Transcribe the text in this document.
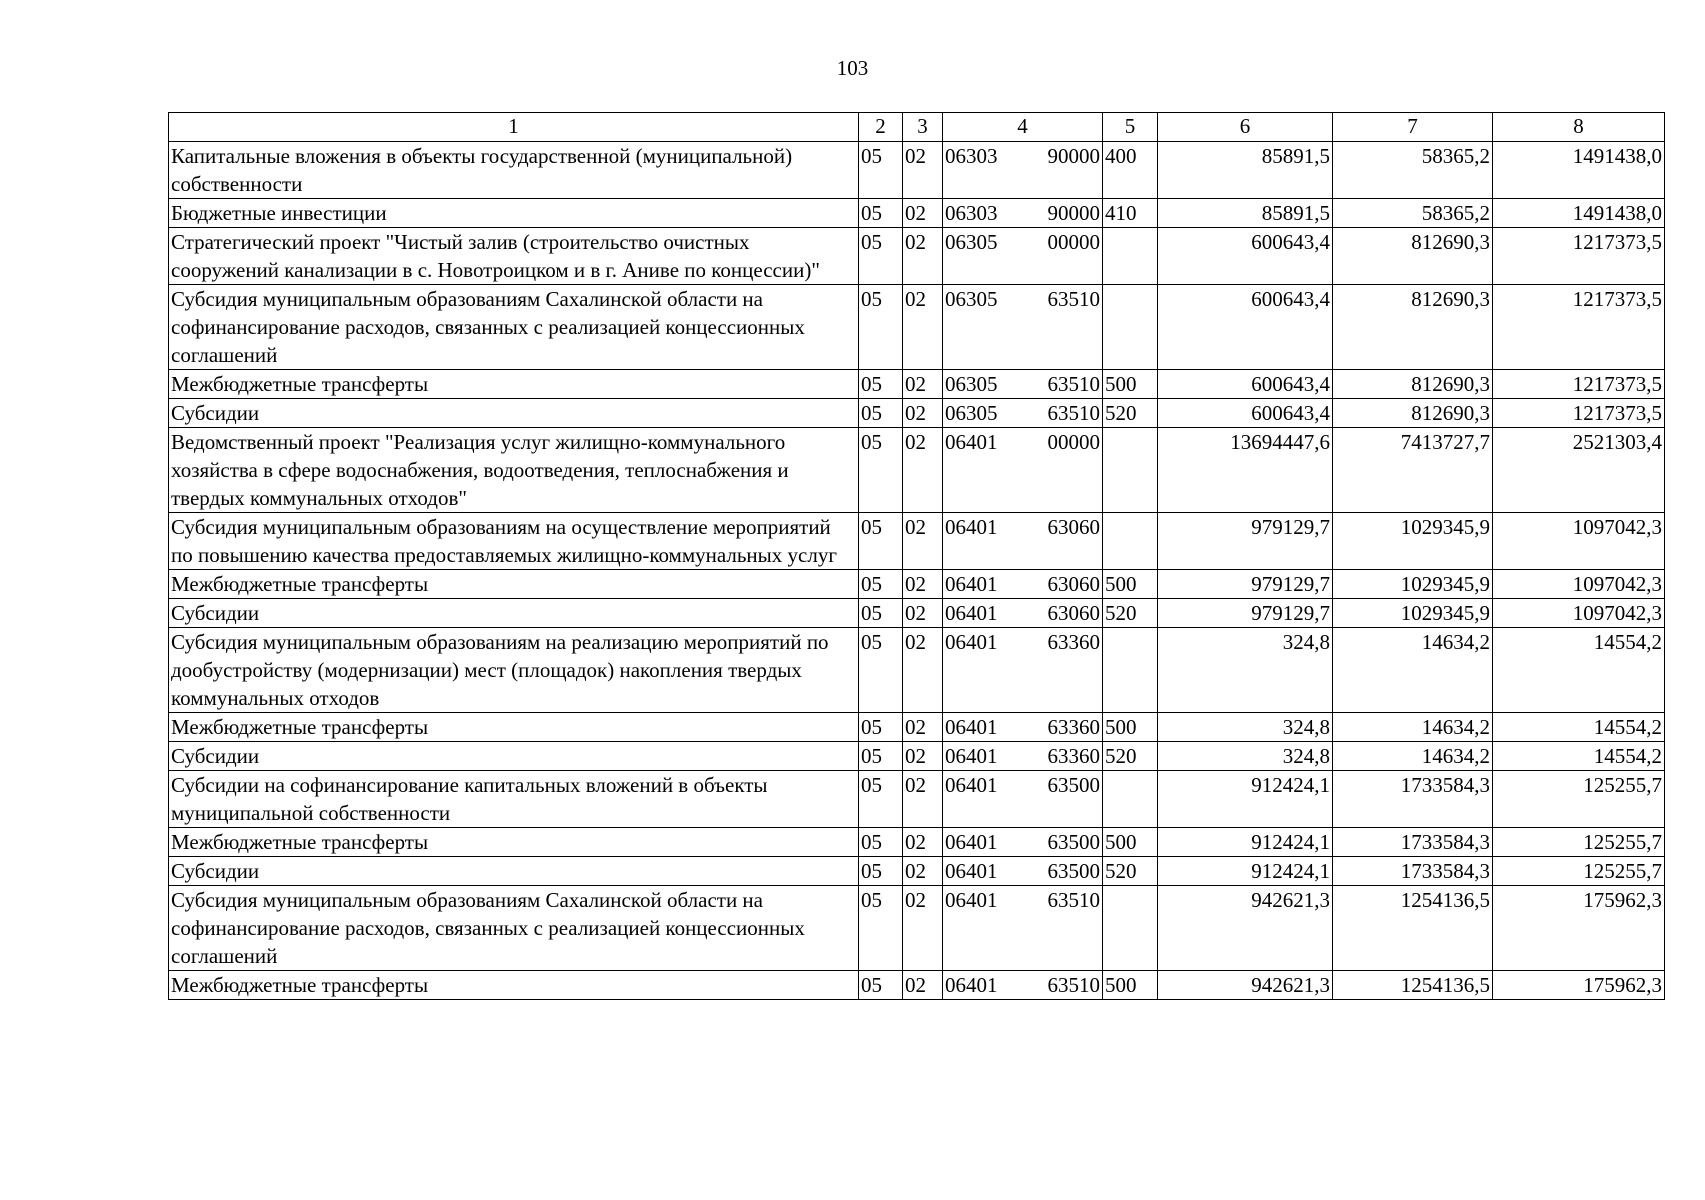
103
1	2	3	4	5	6	7	8
Капитальные вложения в объекты государственной (муниципальной) собственности	05	02	06303 90000	400	85891,5	58365,2	1491438,0
Бюджетные инвестиции	05	02	06303 90000	410	85891,5	58365,2	1491438,0
Стратегический проект "Чистый залив (строительство очистных сооружений канализации в с. Новотроицком и в г. Аниве по концессии)"	05	02	06305 00000		600643,4	812690,3	1217373,5
Субсидия муниципальным образованиям Сахалинской области на софинансирование расходов, связанных с реализацией концессионных соглашений	05	02	06305 63510		600643,4	812690,3	1217373,5
Межбюджетные трансферты	05	02	06305 63510	500	600643,4	812690,3	1217373,5
Субсидии	05	02	06305 63510	520	600643,4	812690,3	1217373,5
Ведомственный проект "Реализация услуг жилищно-коммунального хозяйства в сфере водоснабжения, водоотведения, теплоснабжения и твердых коммунальных отходов"	05	02	06401 00000		13694447,6	7413727,7	2521303,4
Субсидия муниципальным образованиям на осуществление мероприятий по повышению качества предоставляемых жилищно-коммунальных услуг	05	02	06401 63060		979129,7	1029345,9	1097042,3
Межбюджетные трансферты	05	02	06401 63060	500	979129,7	1029345,9	1097042,3
Субсидии	05	02	06401 63060	520	979129,7	1029345,9	1097042,3
Субсидия муниципальным образованиям на реализацию мероприятий по дообустройству (модернизации) мест (площадок) накопления твердых коммунальных отходов	05	02	06401 63360		324,8	14634,2	14554,2
Межбюджетные трансферты	05	02	06401 63360	500	324,8	14634,2	14554,2
Субсидии	05	02	06401 63360	520	324,8	14634,2	14554,2
Субсидии на софинансирование капитальных вложений в объекты муниципальной собственности	05	02	06401 63500		912424,1	1733584,3	125255,7
Межбюджетные трансферты	05	02	06401 63500	500	912424,1	1733584,3	125255,7
Субсидии	05	02	06401 63500	520	912424,1	1733584,3	125255,7
Субсидия муниципальным образованиям Сахалинской области на софинансирование расходов, связанных с реализацией концессионных соглашений	05	02	06401 63510		942621,3	1254136,5	175962,3
Межбюджетные трансферты	05	02	06401 63510	500	942621,3	1254136,5	175962,3
